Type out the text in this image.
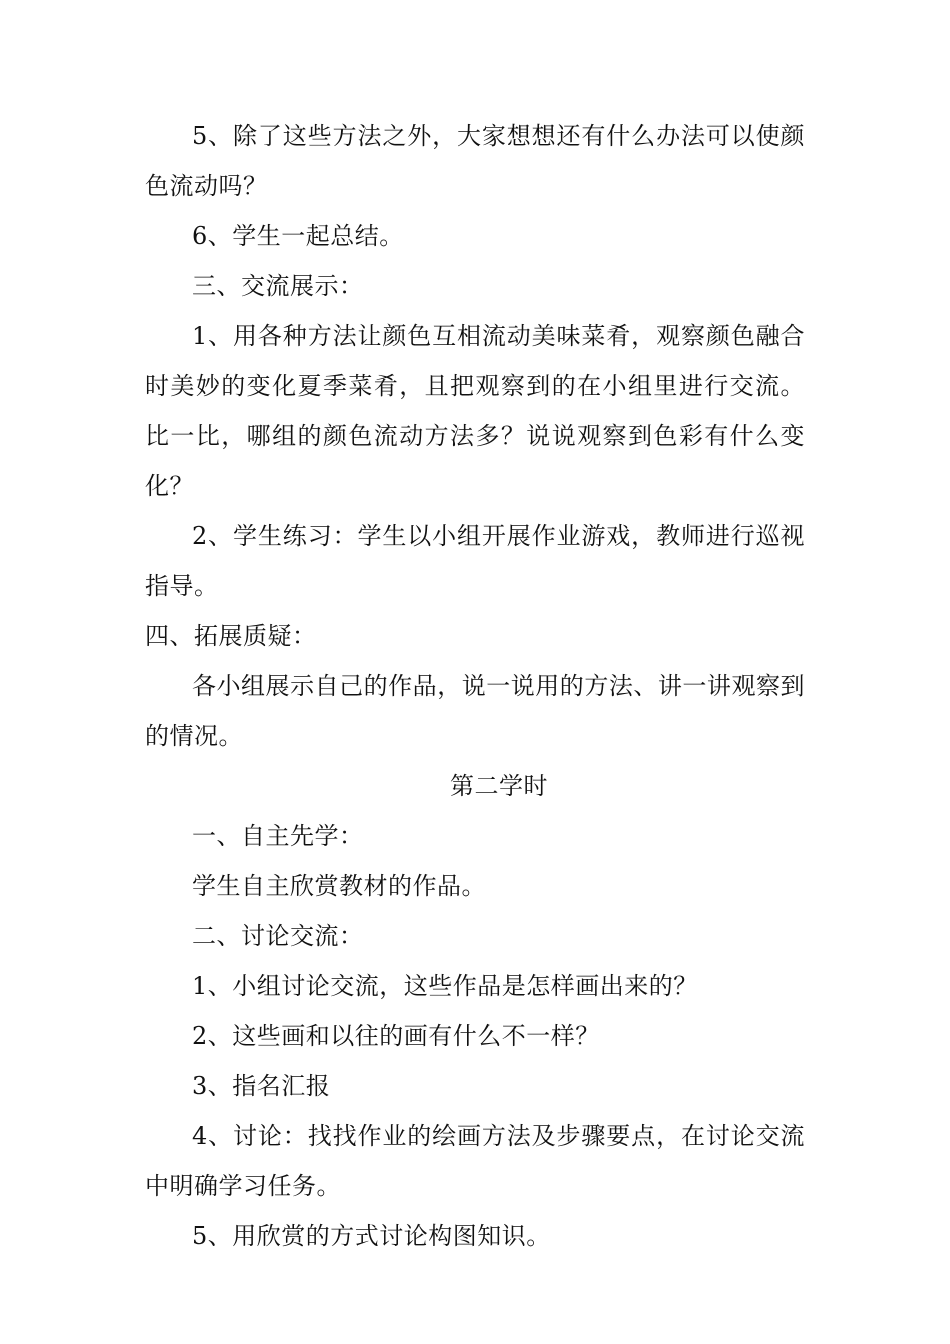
5、除了这些方法之外，大家想想还有什么办法可以使颜色流动吗？

6、学生一起总结。

三、交流展示：

1、用各种方法让颜色互相流动美味菜肴，观察颜色融合时美妙的变化夏季菜肴，且把观察到的在小组里进行交流。比一比，哪组的颜色流动方法多？说说观察到色彩有什么变化？

2、学生练习：学生以小组开展作业游戏，教师进行巡视指导。

四、拓展质疑：

各小组展示自己的作品，说一说用的方法、讲一讲观察到的情况。

第二学时

一、自主先学：

学生自主欣赏教材的作品。

二、讨论交流：

1、小组讨论交流，这些作品是怎样画出来的？

2、这些画和以往的画有什么不一样？

3、指名汇报

4、讨论：找找作业的绘画方法及步骤要点，在讨论交流中明确学习任务。

5、用欣赏的方式讨论构图知识。
